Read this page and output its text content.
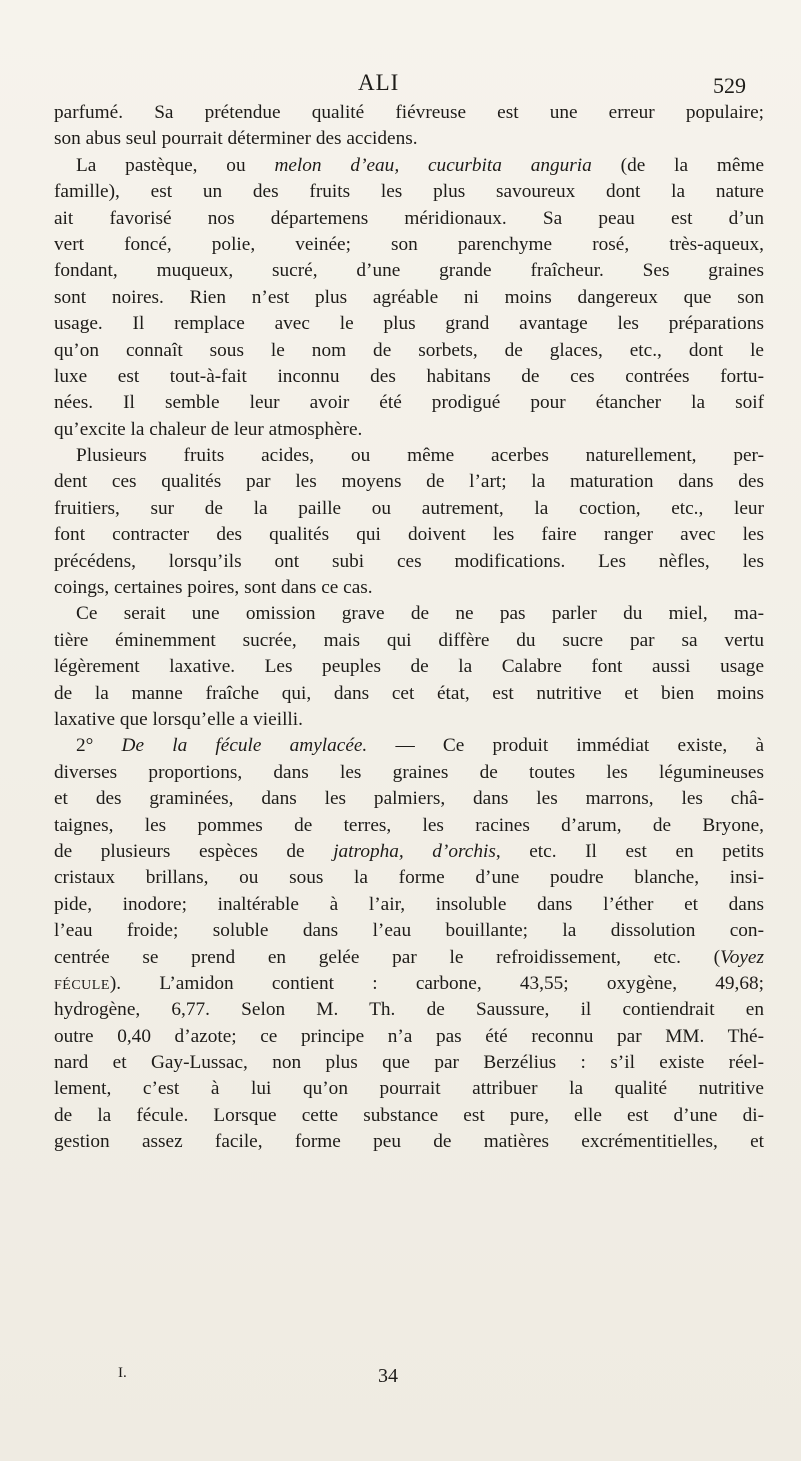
ALI	529
parfumé. Sa prétendue qualité fiévreuse est une erreur populaire;
son abus seul pourrait déterminer des accidens.
La pastèque, ou melon d’eau, cucurbita anguria (de la même
famille), est un des fruits les plus savoureux dont la nature
ait favorisé nos départemens méridionaux. Sa peau est d’un
vert foncé, polie, veinée; son parenchyme rosé, très-aqueux,
fondant, muqueux, sucré, d’une grande fraîcheur. Ses graines
sont noires. Rien n’est plus agréable ni moins dangereux que son
usage. Il remplace avec le plus grand avantage les préparations
qu’on connaît sous le nom de sorbets, de glaces, etc., dont le
luxe est tout-à-fait inconnu des habitans de ces contrées fortu-
nées. Il semble leur avoir été prodigué pour étancher la soif
qu’excite la chaleur de leur atmosphère.
Plusieurs fruits acides, ou même acerbes naturellement, per-
dent ces qualités par les moyens de l’art; la maturation dans des
fruitiers, sur de la paille ou autrement, la coction, etc., leur
font contracter des qualités qui doivent les faire ranger avec les
précédens, lorsqu’ils ont subi ces modifications. Les nèfles, les
coings, certaines poires, sont dans ce cas.
Ce serait une omission grave de ne pas parler du miel, ma-
tière éminemment sucrée, mais qui diffère du sucre par sa vertu
légèrement laxative. Les peuples de la Calabre font aussi usage
de la manne fraîche qui, dans cet état, est nutritive et bien moins
laxative que lorsqu’elle a vieilli.
2° De la fécule amylacée. — Ce produit immédiat existe, à
diverses proportions, dans les graines de toutes les légumineuses
et des graminées, dans les palmiers, dans les marrons, les châ-
taignes, les pommes de terres, les racines d’arum, de Bryone,
de plusieurs espèces de jatropha, d’orchis, etc. Il est en petits
cristaux brillans, ou sous la forme d’une poudre blanche, insi-
pide, inodore; inaltérable à l’air, insoluble dans l’éther et dans
l’eau froide; soluble dans l’eau bouillante; la dissolution con-
centrée se prend en gelée par le refroidissement, etc. (Voyez
fécule). L’amidon contient : carbone, 43,55; oxygène, 49,68;
hydrogène, 6,77. Selon M. Th. de Saussure, il contiendrait en
outre 0,40 d’azote; ce principe n’a pas été reconnu par MM. Thé-
nard et Gay-Lussac, non plus que par Berzélius : s’il existe réel-
lement, c’est à lui qu’on pourrait attribuer la qualité nutritive
de la fécule. Lorsque cette substance est pure, elle est d’une di-
gestion assez facile, forme peu de matières excrémentitielles, et
I.	34
